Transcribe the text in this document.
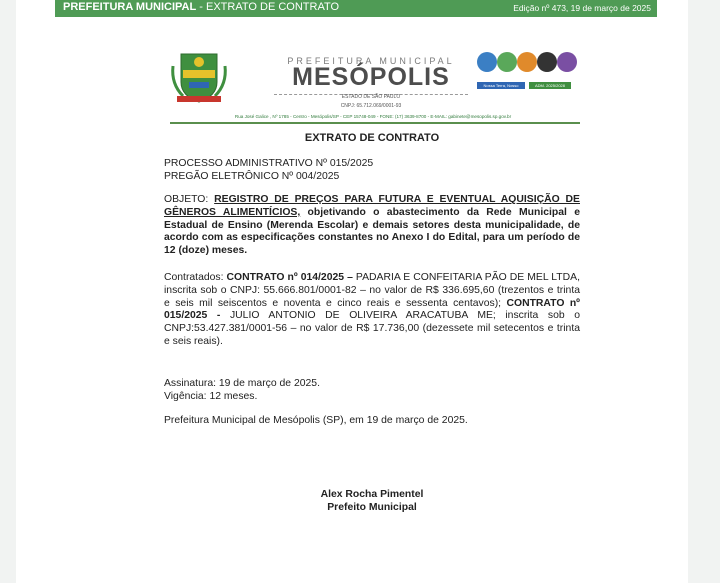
PREFEITURA MUNICIPAL - EXTRATO DE CONTRATO	Edição nº 473, 19 de março de 2025
PREFEITURA MUNICIPAL
MESÓPOLIS
ESTADO DE SÃO PAULO
CNPJ: 65.712.069/0001-93
Rua José Galice , Nº 1785 - Centro - Mesópolis/SP - CEP 15748-049 - FONE: (17) 3639-8700 - E-MAIL: gabinete@mesopolis.sp.gov.br
Nossa Terra, Nosso Orgulho
ADM. 2025/2028
EXTRATO DE CONTRATO
PROCESSO ADMINISTRATIVO Nº 015/2025
PREGÃO ELETRÔNICO Nº 004/2025
OBJETO: REGISTRO DE PREÇOS PARA FUTURA E EVENTUAL AQUISIÇÃO DE GÊNEROS ALIMENTÍCIOS, objetivando o abastecimento da Rede Municipal e Estadual de Ensino (Merenda Escolar) e demais setores desta municipalidade, de acordo com as especificações constantes no Anexo I do Edital, para um período de 12 (doze) meses.
Contratados: CONTRATO nº 014/2025 – PADARIA E CONFEITARIA PÃO DE MEL LTDA, inscrita sob o CNPJ: 55.666.801/0001-82 – no valor de R$ 336.695,60 (trezentos e trinta e seis mil seiscentos e noventa e cinco reais e sessenta centavos); CONTRATO nº 015/2025 - JULIO ANTONIO DE OLIVEIRA ARACATUBA ME; inscrita sob o CNPJ:53.427.381/0001-56 – no valor de R$ 17.736,00 (dezessete mil setecentos e trinta e seis reais).
Assinatura: 19 de março de 2025.
Vigência: 12 meses.
Prefeitura Municipal de Mesópolis (SP), em 19 de março de 2025.
Alex Rocha Pimentel
Prefeito Municipal
